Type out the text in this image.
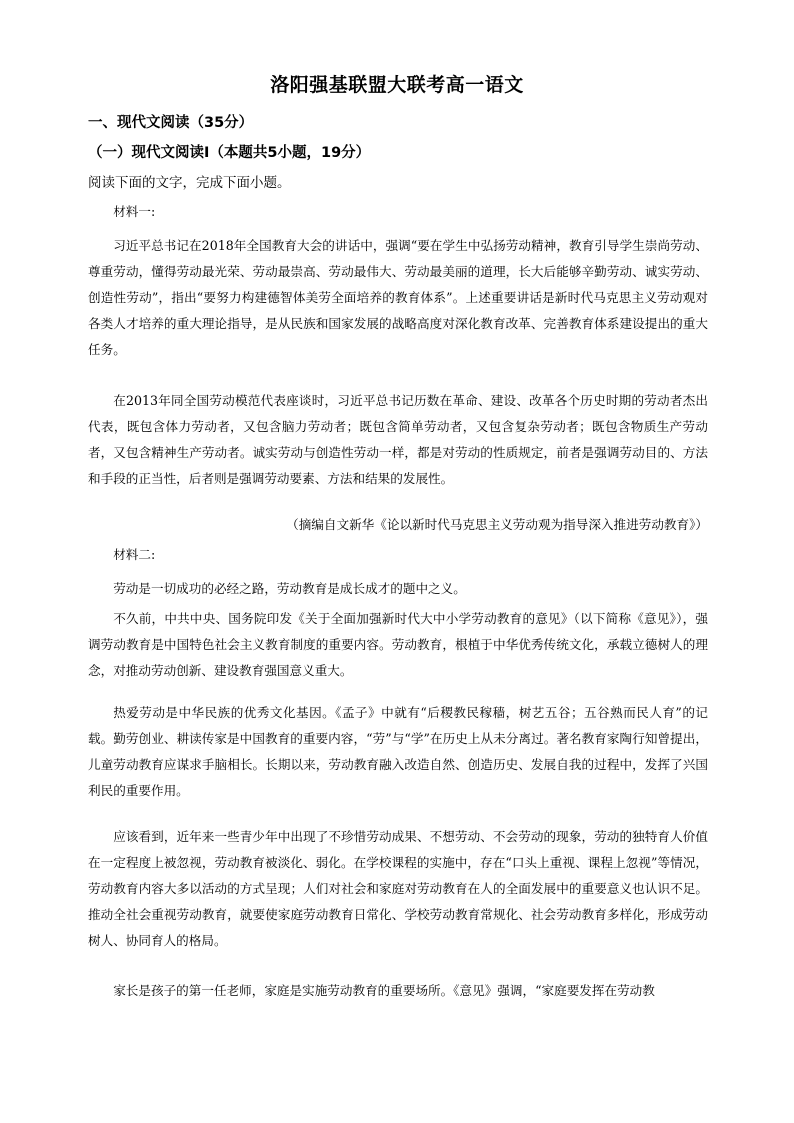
洛阳强基联盟大联考高一语文
一、现代文阅读（35分）
（一）现代文阅读Ⅰ（本题共5小题，19分）
阅读下面的文字，完成下面小题。
材料一:

习近平总书记在2018年全国教育大会的讲话中，强调“要在学生中弘扬劳动精神，教育引导学生崇尚劳动、尊重劳动，懂得劳动最光荣、劳动最崇高、劳动最伟大、劳动最美丽的道理，长大后能够辛勤劳动、诚实劳动、创造性劳动”，指出“要努力构建德智体美劳全面培养的教育体系”。上述重要讲话是新时代马克思主义劳动观对各类人才培养的重大理论指导，是从民族和国家发展的战略高度对深化教育改革、完善教育体系建设提出的重大任务。

在2013年同全国劳动模范代表座谈时，习近平总书记历数在革命、建设、改革各个历史时期的劳动者杰出代表，既包含体力劳动者，又包含脑力劳动者；既包含简单劳动者，又包含复杂劳动者；既包含物质生产劳动者，又包含精神生产劳动者。诚实劳动与创造性劳动一样，都是对劳动的性质规定，前者是强调劳动目的、方法和手段的正当性，后者则是强调劳动要素、方法和结果的发展性。

（摘编自文新华《论以新时代马克思主义劳动观为指导深入推进劳动教育》）
材料二:

劳动是一切成功的必经之路，劳动教育是成长成才的题中之义。

不久前，中共中央、国务院印发《关于全面加强新时代大中小学劳动教育的意见》（以下简称《意见》），强调劳动教育是中国特色社会主义教育制度的重要内容。劳动教育，根植于中华优秀传统文化，承载立德树人的理念，对推动劳动创新、建设教育强国意义重大。

热爱劳动是中华民族的优秀文化基因。《孟子》中就有“后稷教民稼穑，树艺五谷；五谷熟而民人育”的记载。勤劳创业、耕读传家是中国教育的重要内容，“劳”与“学”在历史上从未分离过。著名教育家陶行知曾提出，儿童劳动教育应谋求手脑相长。长期以来，劳动教育融入改造自然、创造历史、发展自我的过程中，发挥了兴国利民的重要作用。

应该看到，近年来一些青少年中出现了不珍惜劳动成果、不想劳动、不会劳动的现象，劳动的独特育人价值在一定程度上被忽视，劳动教育被淡化、弱化。在学校课程的实施中，存在“口头上重视、课程上忽视”等情况，劳动教育内容大多以活动的方式呈现；人们对社会和家庭对劳动教育在人的全面发展中的重要意义也认识不足。推动全社会重视劳动教育，就要使家庭劳动教育日常化、学校劳动教育常规化、社会劳动教育多样化，形成劳动树人、协同育人的格局。

家长是孩子的第一任老师，家庭是实施劳动教育的重要场所。《意见》强调，“家庭要发挥在劳动教
